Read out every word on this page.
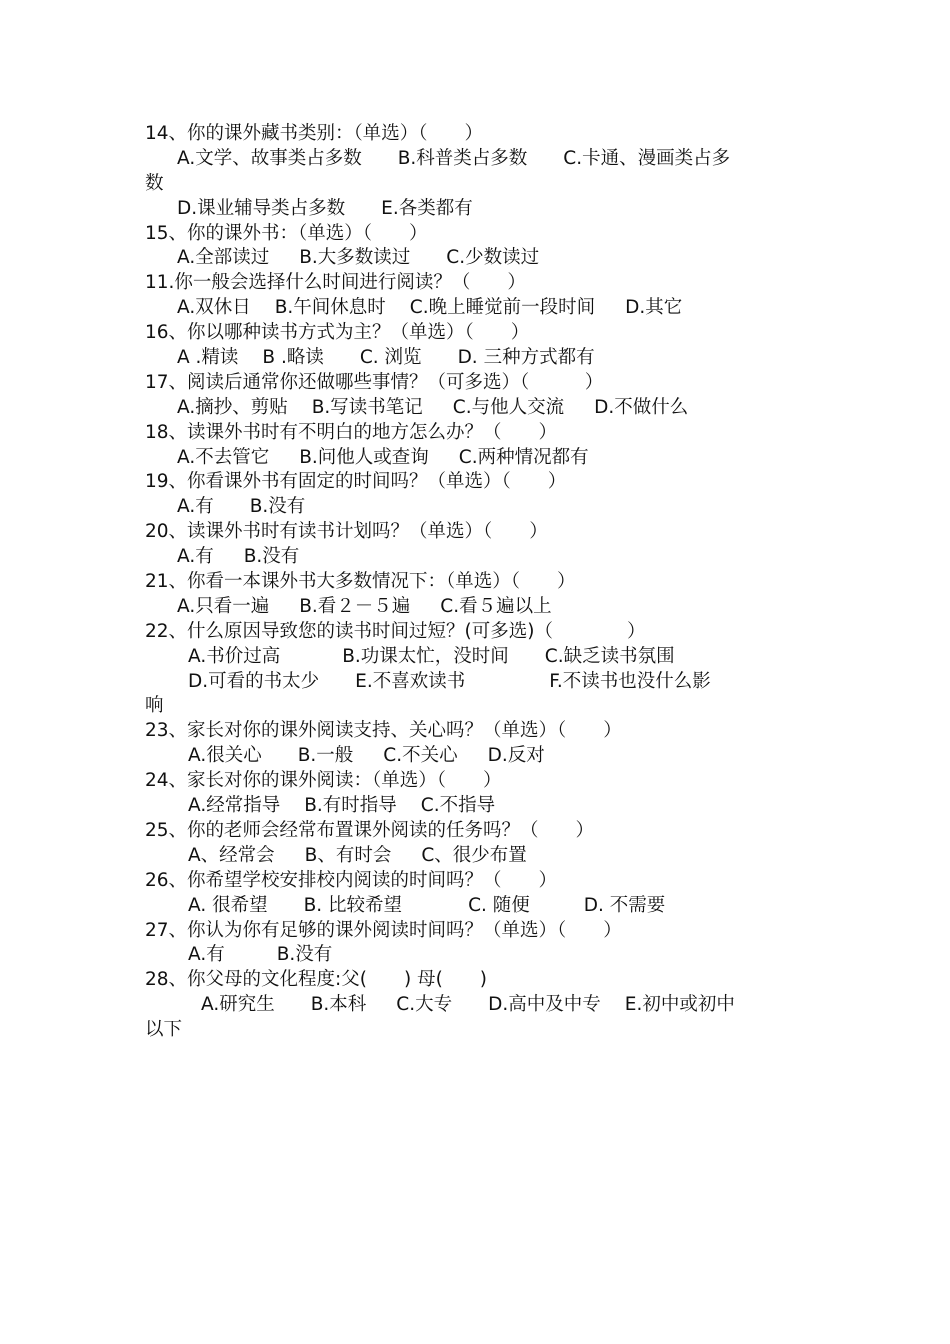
14、你的课外藏书类别：（单选）（　　）
A.文学、故事类占多数 B.科普类占多数 C.卡通、漫画类占多
数
D.课业辅导类占多数 E.各类都有
15、你的课外书：（单选）（　　）
A.全部读过 B.大多数读过 C.少数读过
11.你一般会选择什么时间进行阅读？（　　）
A.双休日 B.午间休息时 C.晚上睡觉前一段时间 D.其它
16、你以哪种读书方式为主？（单选）（　　）
A .精读 B .略读 C. 浏览 D. 三种方式都有
17、阅读后通常你还做哪些事情？（可多选）（　　　）
A.摘抄、剪贴 B.写读书笔记 C.与他人交流 D.不做什么
18、读课外书时有不明白的地方怎么办？（　　）
A.不去管它 B.问他人或查询 C.两种情况都有
19、你看课外书有固定的时间吗？（单选）（　　）
A.有 B.没有
20、读课外书时有读书计划吗？（单选）（　　）
A.有 B.没有
21、你看一本课外书大多数情况下：（单选）（　　）
A.只看一遍 B.看２－５遍 C.看５遍以上
22、什么原因导致您的读书时间过短？(可多选)（　　　　）
A.书价过高	B.功课太忙，没时间 C.缺乏读书氛围
D.可看的书太少 E.不喜欢读书	F.不读书也没什么影
响
23、家长对你的课外阅读支持、关心吗？（单选）（　　）
A.很关心 B.一般 C.不关心 D.反对
24、家长对你的课外阅读：（单选）（　　）
A.经常指导 B.有时指导 C.不指导
25、你的老师会经常布置课外阅读的任务吗？（　　）
A、经常会 B、有时会 C、很少布置
26、你希望学校安排校内阅读的时间吗？（　　）
A. 很希望 B. 比较希望	C. 随便	D. 不需要
27、你认为你有足够的课外阅读时间吗？（单选）（　　）
A.有	B.没有
28、你父母的文化程度:父(　　) 母(　　)
A.研究生 B.本科 C.大专 D.高中及中专 E.初中或初中
以下
